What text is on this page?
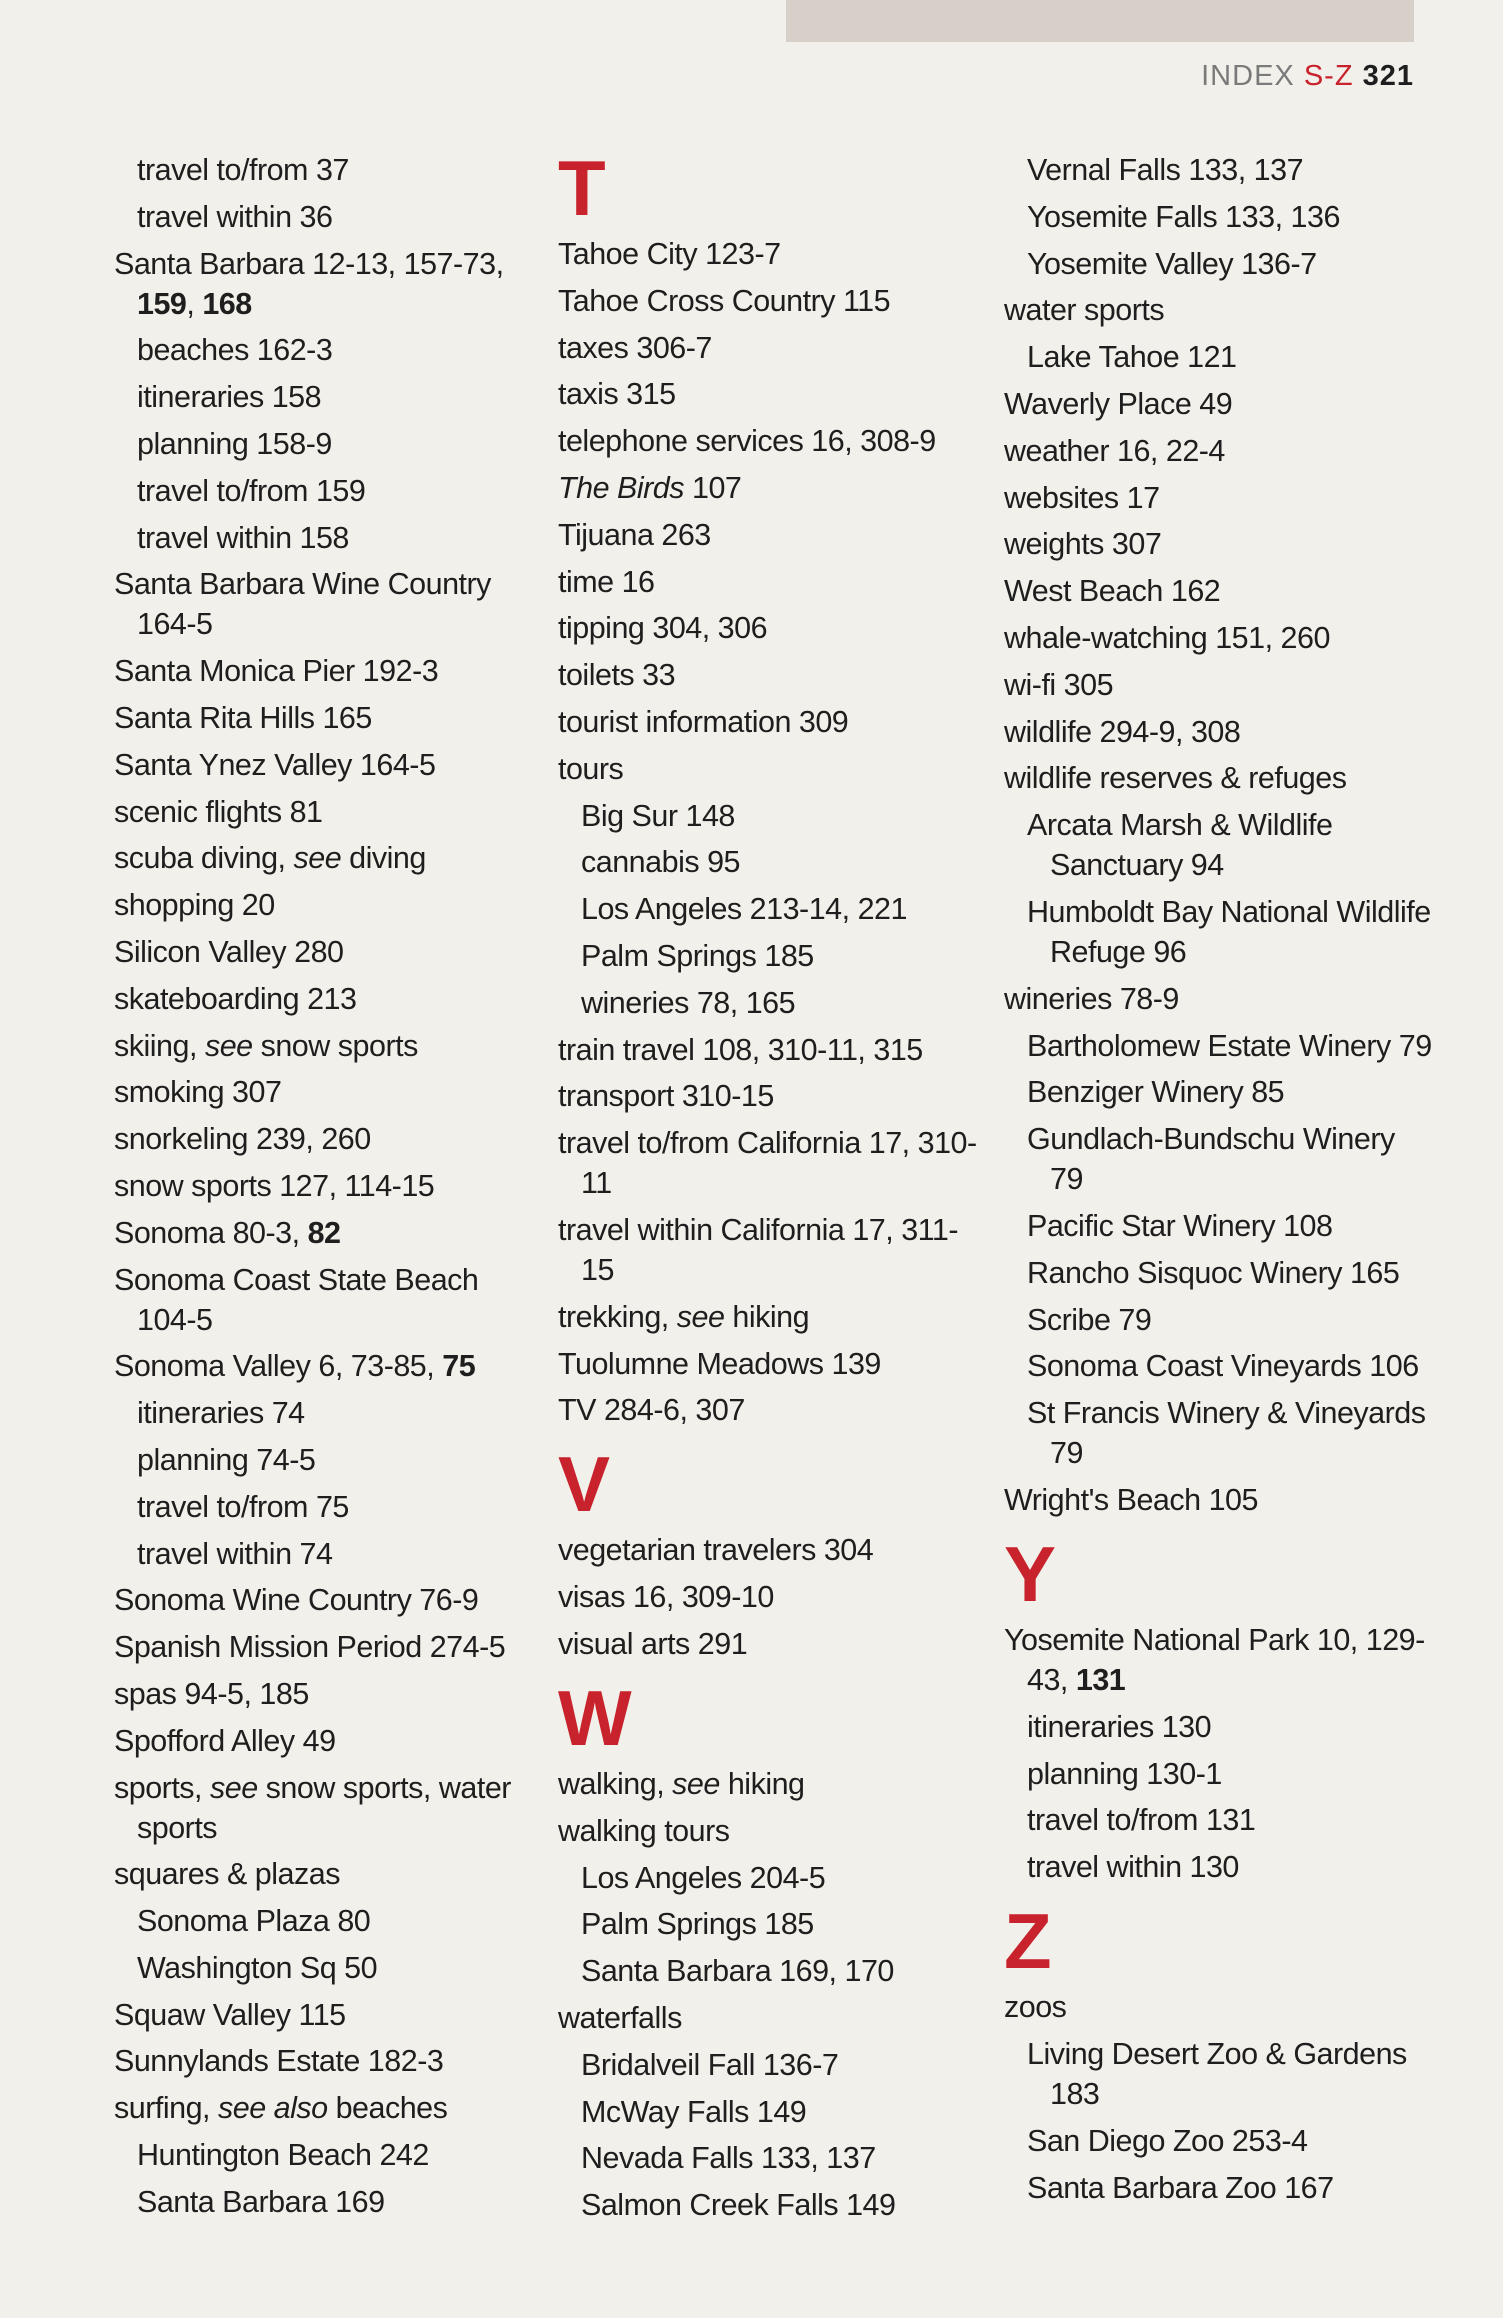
INDEX S-Z 321
travel to/from 37
travel within 36
Santa Barbara 12-13, 157-73, 159, 168
beaches 162-3
itineraries 158
planning 158-9
travel to/from 159
travel within 158
Santa Barbara Wine Country 164-5
Santa Monica Pier 192-3
Santa Rita Hills 165
Santa Ynez Valley 164-5
scenic flights 81
scuba diving, see diving
shopping 20
Silicon Valley 280
skateboarding 213
skiing, see snow sports
smoking 307
snorkeling 239, 260
snow sports 127, 114-15
Sonoma 80-3, 82
Sonoma Coast State Beach 104-5
Sonoma Valley 6, 73-85, 75
itineraries 74
planning 74-5
travel to/from 75
travel within 74
Sonoma Wine Country 76-9
Spanish Mission Period 274-5
spas 94-5, 185
Spofford Alley 49
sports, see snow sports, water sports
squares & plazas
Sonoma Plaza 80
Washington Sq 50
Squaw Valley 115
Sunnylands Estate 182-3
surfing, see also beaches
Huntington Beach 242
Santa Barbara 169
T
Tahoe City 123-7
Tahoe Cross Country 115
taxes 306-7
taxis 315
telephone services 16, 308-9
The Birds 107
Tijuana 263
time 16
tipping 304, 306
toilets 33
tourist information 309
tours
Big Sur 148
cannabis 95
Los Angeles 213-14, 221
Palm Springs 185
wineries 78, 165
train travel 108, 310-11, 315
transport 310-15
travel to/from California 17, 310-11
travel within California 17, 311-15
trekking, see hiking
Tuolumne Meadows 139
TV 284-6, 307
V
vegetarian travelers 304
visas 16, 309-10
visual arts 291
W
walking, see hiking
walking tours
Los Angeles 204-5
Palm Springs 185
Santa Barbara 169, 170
waterfalls
Bridalveil Fall 136-7
McWay Falls 149
Nevada Falls 133, 137
Salmon Creek Falls 149
Vernal Falls 133, 137
Yosemite Falls 133, 136
Yosemite Valley 136-7
water sports
Lake Tahoe 121
Waverly Place 49
weather 16, 22-4
websites 17
weights 307
West Beach 162
whale-watching 151, 260
wi-fi 305
wildlife 294-9, 308
wildlife reserves & refuges
Arcata Marsh & Wildlife Sanctuary 94
Humboldt Bay National Wildlife Refuge 96
wineries 78-9
Bartholomew Estate Winery 79
Benziger Winery 85
Gundlach-Bundschu Winery 79
Pacific Star Winery 108
Rancho Sisquoc Winery 165
Scribe 79
Sonoma Coast Vineyards 106
St Francis Winery & Vineyards 79
Wright's Beach 105
Y
Yosemite National Park 10, 129-43, 131
itineraries 130
planning 130-1
travel to/from 131
travel within 130
Z
zoos
Living Desert Zoo & Gardens 183
San Diego Zoo 253-4
Santa Barbara Zoo 167
